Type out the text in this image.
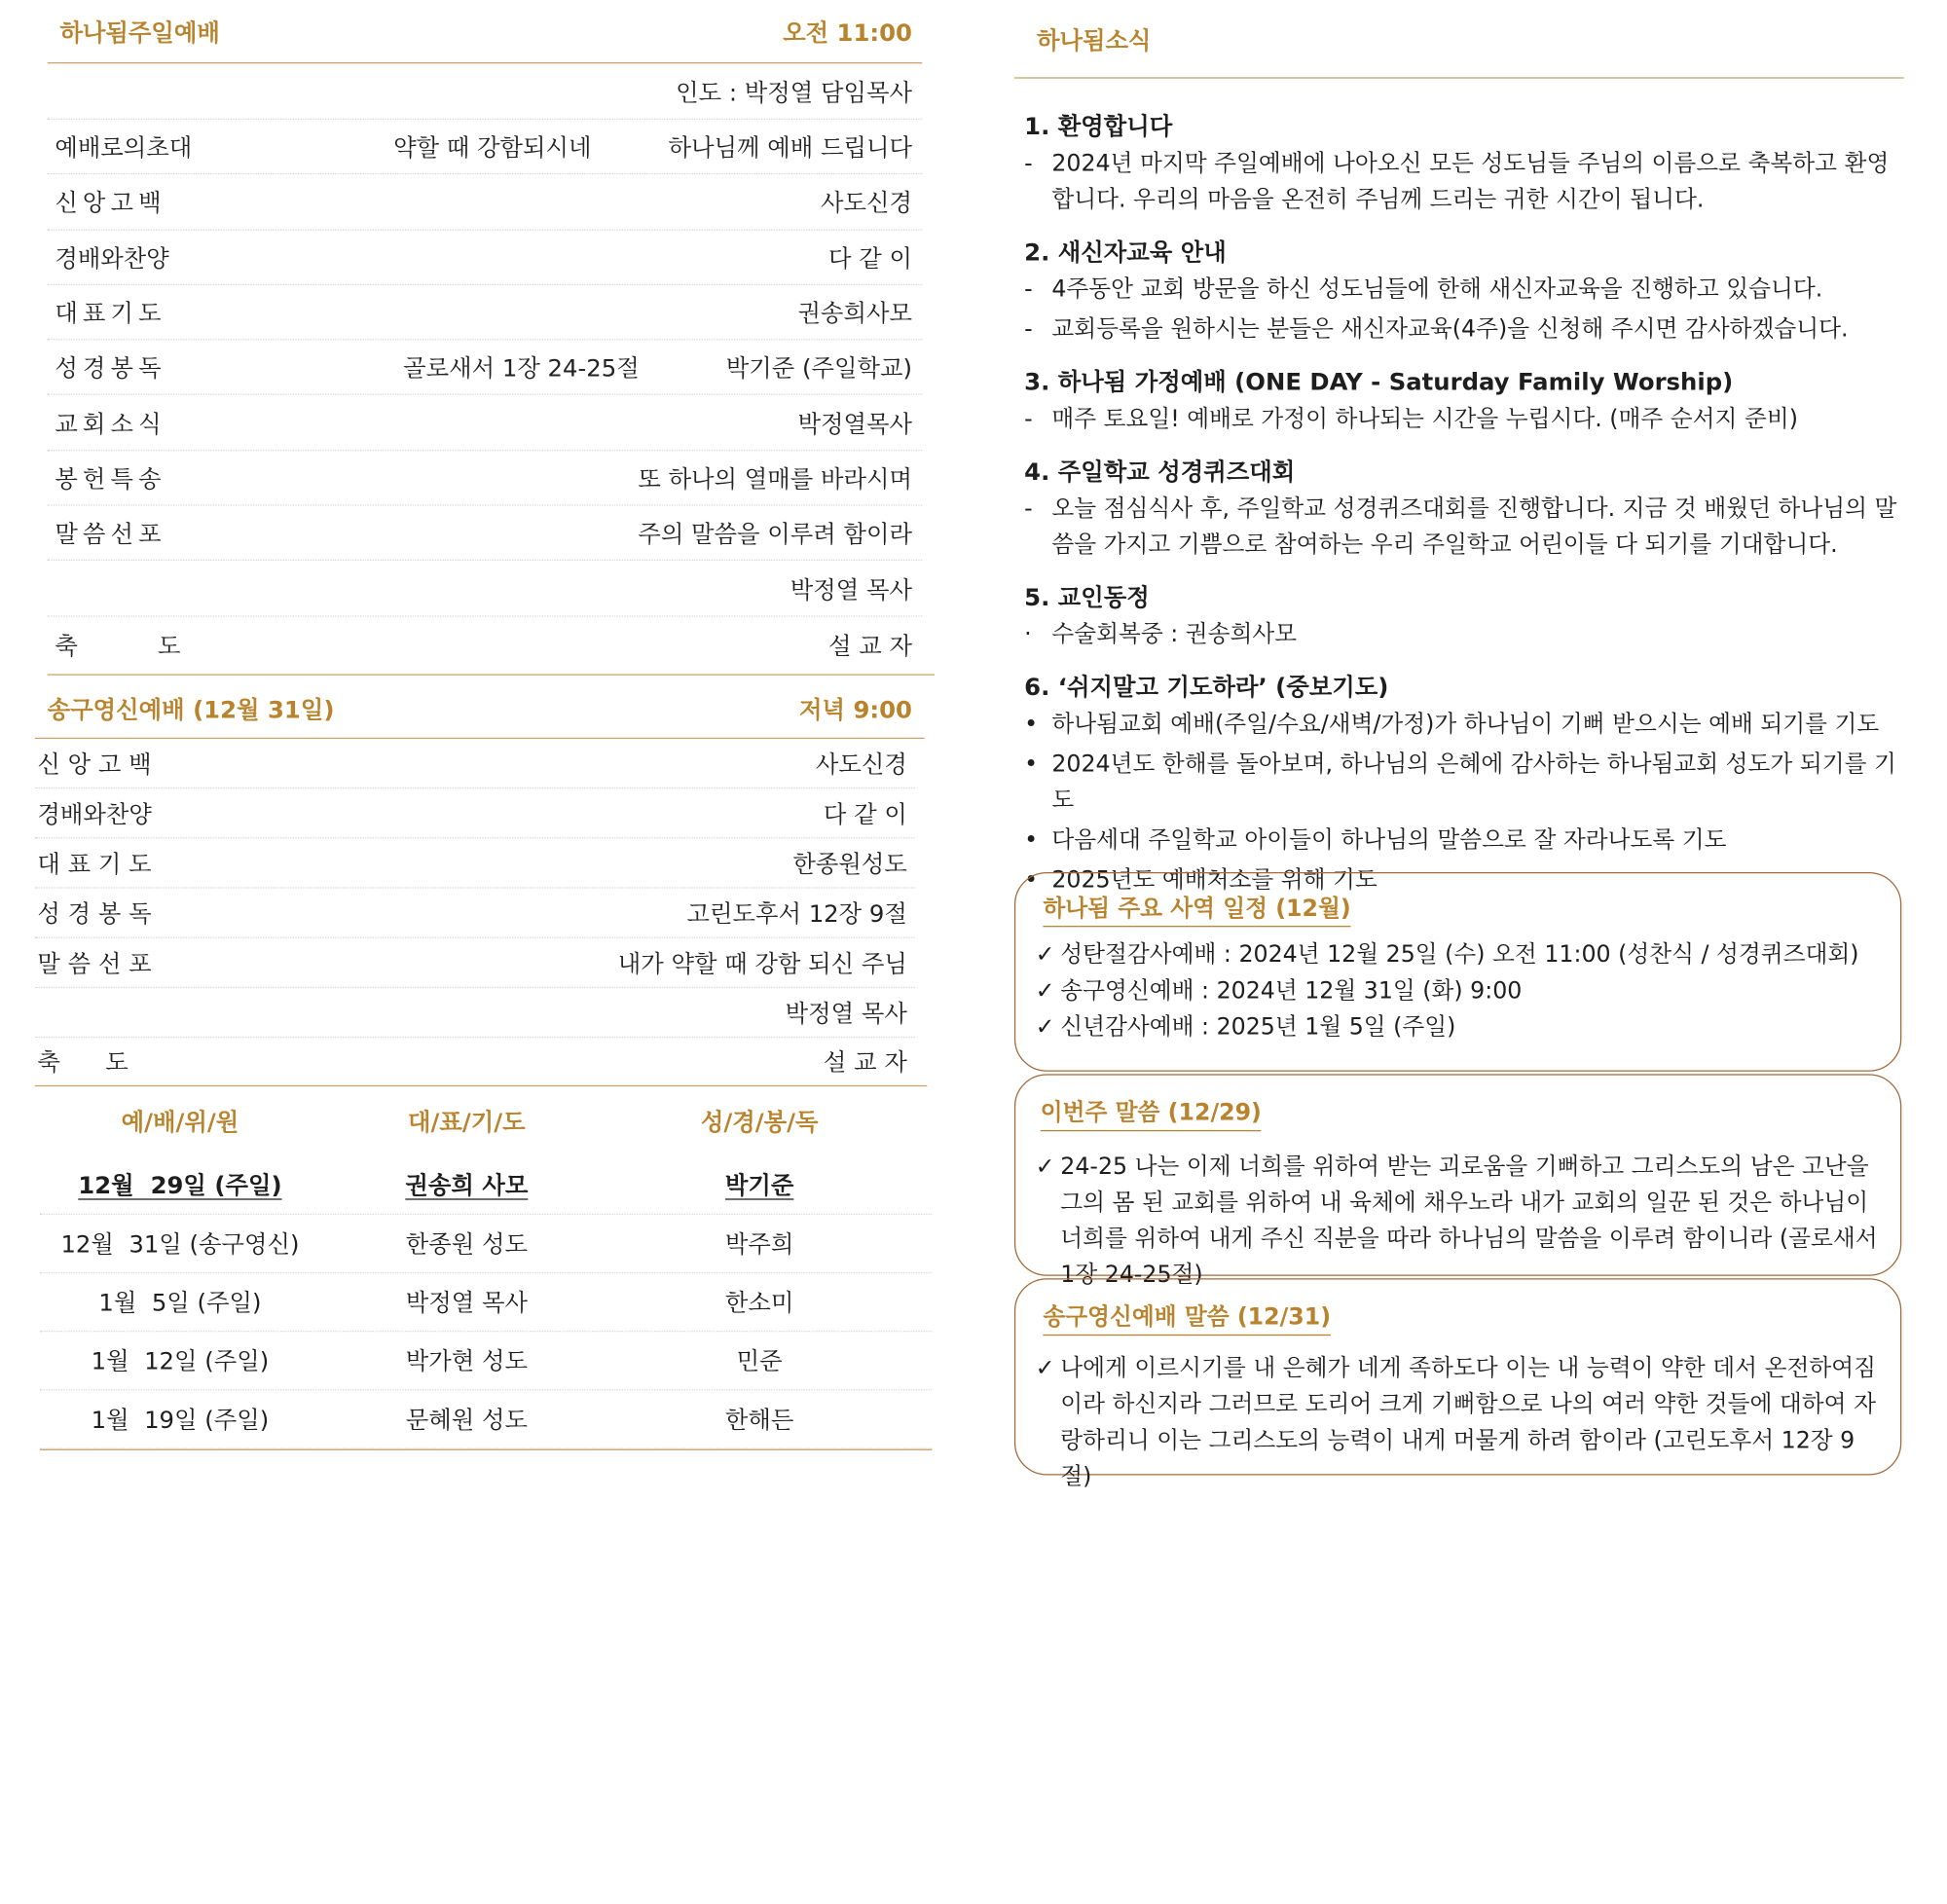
하나됨주일예배	오전 11:00
인도 : 박정열 담임목사
예배로의초대	약할 때 강함되시네	하나님께 예배 드립니다
신앙고백	사도신경
경배와찬양	다 같 이
대표기도	권송희사모
성경봉독	골로새서 1장 24-25절	박기준 (주일학교)
교회소식	박정열목사
봉헌특송	또 하나의 열매를 바라시며
말씀선포	주의 말씀을 이루려 함이라
박정열 목사
축      도	설 교 자
송구영신예배 (12월 31일)	저녁 9:00
신 앙 고 백	사도신경
경배와찬양	다 같 이
대 표 기 도	한종원성도
성 경 봉 독	고린도후서 12장 9절
말 씀 선 포	내가 약할 때 강함 되신 주님
박정열 목사
축      도	설 교 자
예/배/위/원	대/표/기/도	성/경/봉/독
12월  29일 (주일)	권송희 사모	박기준
12월  31일 (송구영신)	한종원 성도	박주희
1월  5일 (주일)	박정열 목사	한소미
1월  12일 (주일)	박가현 성도	민준
1월  19일 (주일)	문혜원 성도	한해든
하나됨소식
1. 환영합니다
-	2024년 마지막 주일예배에 나아오신 모든 성도님들 주님의 이름으로 축복하고 환영합니다. 우리의 마음을 온전히 주님께 드리는 귀한 시간이 됩니다.
2. 새신자교육 안내
-	4주동안 교회 방문을 하신 성도님들에 한해 새신자교육을 진행하고 있습니다.
-	교회등록을 원하시는 분들은 새신자교육(4주)을 신청해 주시면 감사하겠습니다.
3. 하나됨 가정예배 (ONE DAY - Saturday Family Worship)
-	매주 토요일! 예배로 가정이 하나되는 시간을 누립시다. (매주 순서지 준비)
4. 주일학교 성경퀴즈대회
-	오늘 점심식사 후, 주일학교 성경퀴즈대회를 진행합니다. 지금 것 배웠던 하나님의 말씀을 가지고 기쁨으로 참여하는 우리 주일학교 어린이들 다 되기를 기대합니다.
5. 교인동정
·	수술회복중 : 권송희사모
6. ‘쉬지말고 기도하라’ (중보기도)
• 하나됨교회 예배(주일/수요/새벽/가정)가 하나님이 기뻐 받으시는 예배 되기를 기도
• 2024년도 한해를 돌아보며, 하나님의 은혜에 감사하는 하나됨교회 성도가 되기를 기도
• 다음세대 주일학교 아이들이 하나님의 말씀으로 잘 자라나도록 기도
• 2025년도 예배처소를 위해 기도
하나됨 주요 사역 일정 (12월)
✓ 성탄절감사예배 : 2024년 12월 25일 (수) 오전 11:00 (성찬식 / 성경퀴즈대회)
✓ 송구영신예배 : 2024년 12월 31일 (화) 9:00
✓ 신년감사예배 : 2025년 1월 5일 (주일)
이번주 말씀 (12/29)
✓ 24-25 나는 이제 너희를 위하여 받는 괴로움을 기뻐하고 그리스도의 남은 고난을 그의 몸 된 교회를 위하여 내 육체에 채우노라 내가 교회의 일꾼 된 것은 하나님이 너희를 위하여 내게 주신 직분을 따라 하나님의 말씀을 이루려 함이니라 (골로새서 1장 24-25절)
송구영신예배 말씀 (12/31)
✓ 나에게 이르시기를 내 은혜가 네게 족하도다 이는 내 능력이 약한 데서 온전하여짐이라 하신지라 그러므로 도리어 크게 기뻐함으로 나의 여러 약한 것들에 대하여 자랑하리니 이는 그리스도의 능력이 내게 머물게 하려 함이라 (고린도후서 12장 9절)
